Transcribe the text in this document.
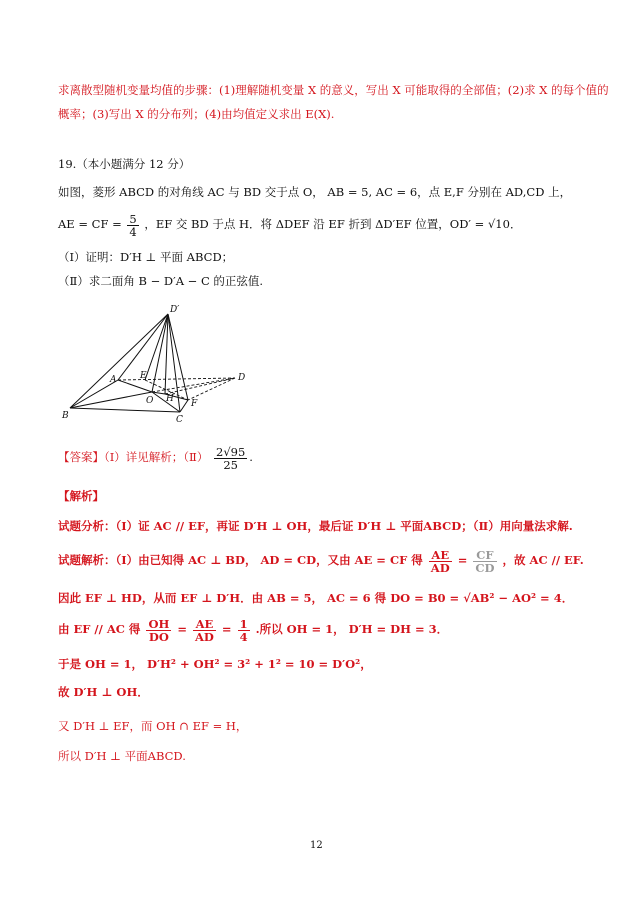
求离散型随机变量均值的步骤：(1)理解随机变量 X 的意义，写出 X 可能取得的全部值；(2)求 X 的每个值的
概率；(3)写出 X 的分布列；(4)由均值定义求出 E(X).
19.（本小题满分 12 分）
如图，菱形 ABCD 的对角线 AC 与 BD 交于点 O， AB = 5, AC = 6，点 E,F 分别在 AD,CD 上，
AE = CF = $\frac{5}{4}$ ，EF 交 BD 于点 H．将 ΔDEF 沿 EF 折到 ΔD′EF 位置，OD′ = √10．
（Ⅰ）证明：D′H ⊥ 平面 ABCD；
（Ⅱ）求二面角 B − D′A − C 的正弦值.
D′
A
B	C
D
E
F
O H
【答案】（Ⅰ）详见解析；（Ⅱ） $\frac{2√95}{25}$ .
【解析】
试题分析：（Ⅰ）证 AC // EF，再证 D′H ⊥ OH，最后证 D′H ⊥ 平面ABCD；（Ⅱ）用向量法求解.
试题解析：（Ⅰ）由已知得 AC ⊥ BD， AD = CD，又由 AE = CF 得 $\frac{AE}{AD} = \frac{CF}{CD}$ ，故 AC // EF.
因此 EF ⊥ HD，从而 EF ⊥ D′H．由 AB = 5， AC = 6 得 DO = B0 = √AB² − AO² = 4．
由 EF // AC 得 $\frac{OH}{DO} = \frac{AE}{AD} = \frac{1}{4}$ .所以 OH = 1， D′H = DH = 3．
于是 OH = 1， D′H² + OH² = 3² + 1² = 10 = D′O²，
故 D′H ⊥ OH．
又 D′H ⊥ EF，而 OH ∩ EF = H，
所以 D′H ⊥ 平面ABCD.
12
